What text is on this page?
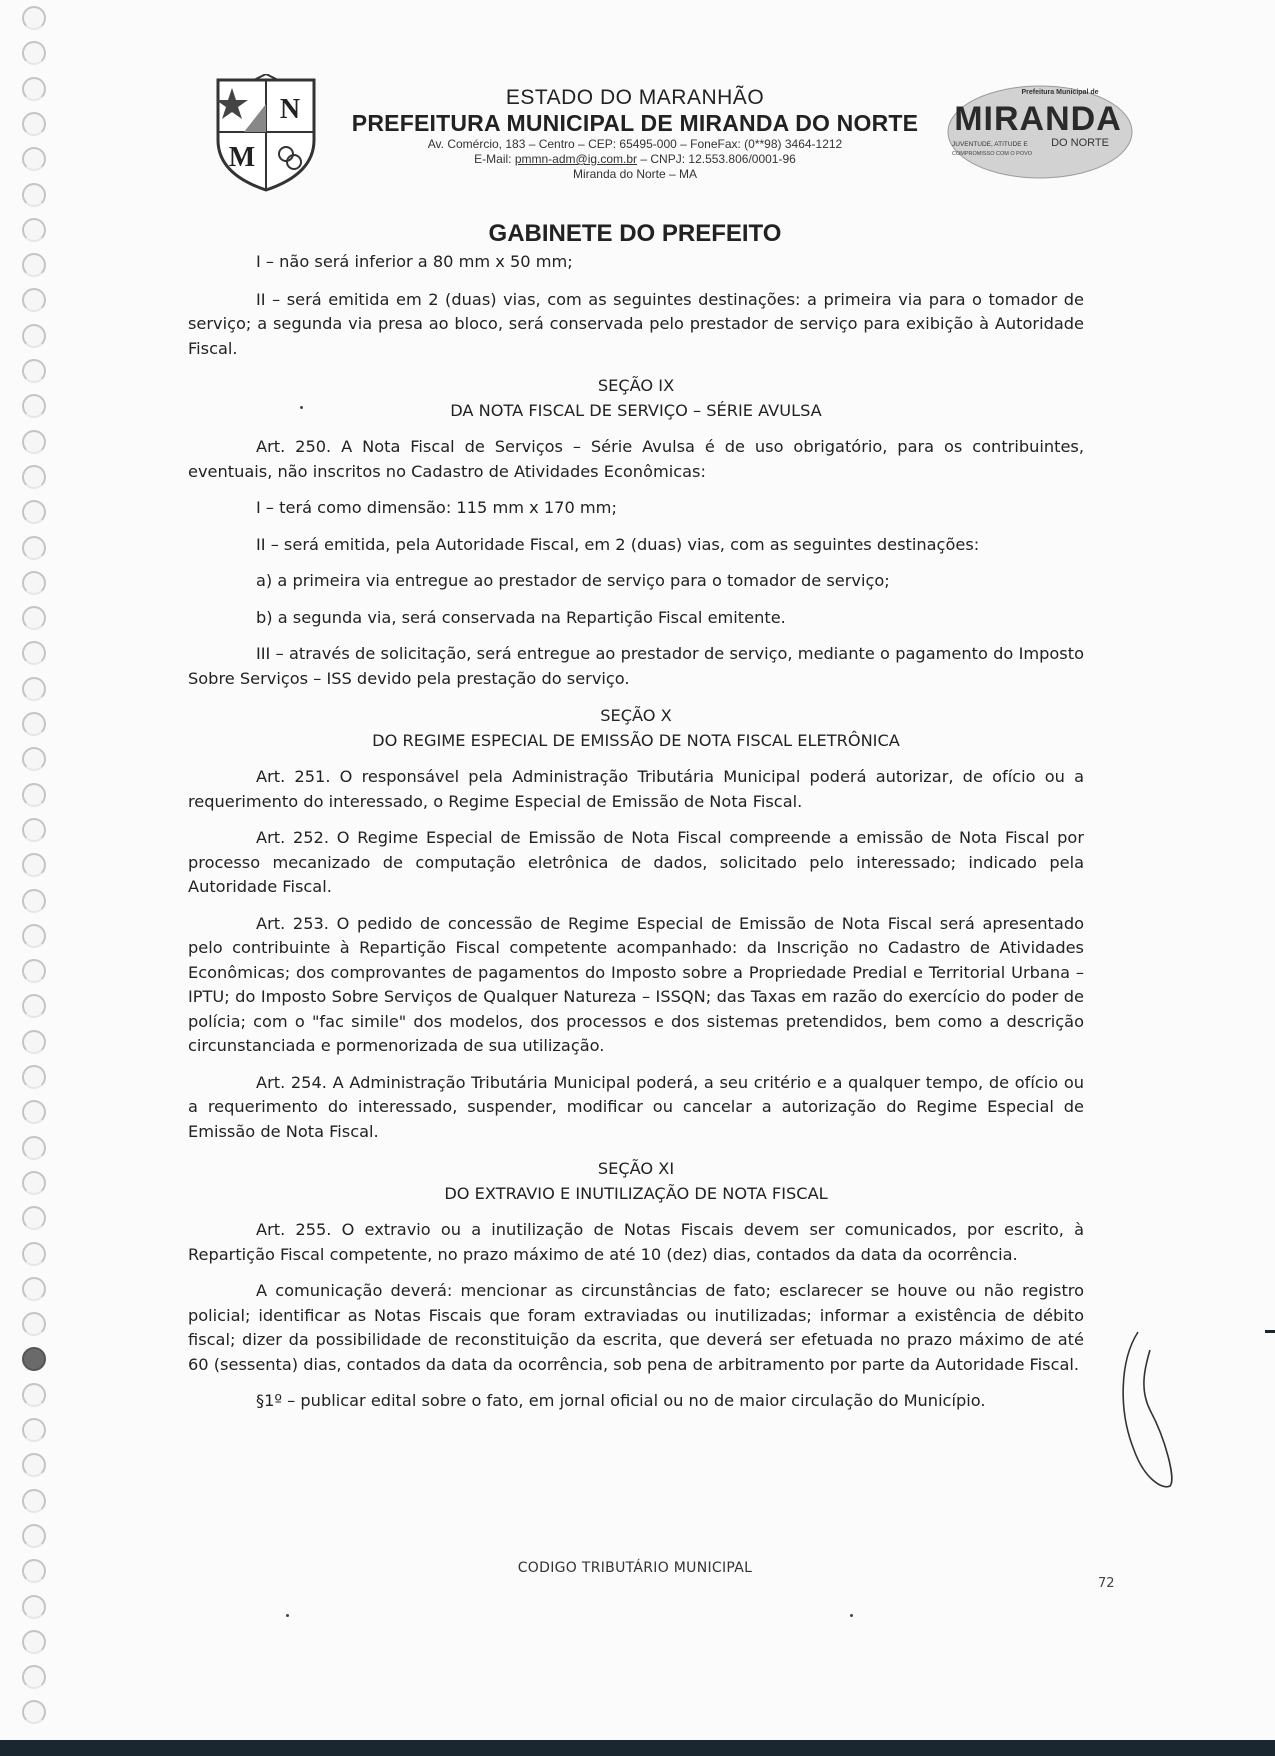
N
M
ESTADO DO MARANHÃO
PREFEITURA MUNICIPAL DE MIRANDA DO NORTE
Av. Comércio, 183 – Centro – CEP: 65495-000 – FoneFax: (0**98) 3464-1212
E-Mail: pmmn-adm@ig.com.br – CNPJ: 12.553.806/0001-96
Miranda do Norte – MA
Prefeitura Municipal de
MIRANDA
JUVENTUDE, ATITUDE E DO NORTE
COMPROMISSO COM O POVO
GABINETE DO PREFEITO

I – não será inferior a 80 mm x 50 mm;

II – será emitida em 2 (duas) vias, com as seguintes destinações: a primeira via para o tomador de serviço; a segunda via presa ao bloco, será conservada pelo prestador de serviço para exibição à Autoridade Fiscal.

SEÇÃO IX
DA NOTA FISCAL DE SERVIÇO – SÉRIE AVULSA

Art. 250. A Nota Fiscal de Serviços – Série Avulsa é de uso obrigatório, para os contribuintes, eventuais, não inscritos no Cadastro de Atividades Econômicas:

I – terá como dimensão: 115 mm x 170 mm;

II – será emitida, pela Autoridade Fiscal, em 2 (duas) vias, com as seguintes destinações:

a) a primeira via entregue ao prestador de serviço para o tomador de serviço;

b) a segunda via, será conservada na Repartição Fiscal emitente.

III – através de solicitação, será entregue ao prestador de serviço, mediante o pagamento do Imposto Sobre Serviços – ISS devido pela prestação do serviço.

SEÇÃO X
DO REGIME ESPECIAL DE EMISSÃO DE NOTA FISCAL ELETRÔNICA

Art. 251. O responsável pela Administração Tributária Municipal poderá autorizar, de ofício ou a requerimento do interessado, o Regime Especial de Emissão de Nota Fiscal.

Art. 252. O Regime Especial de Emissão de Nota Fiscal compreende a emissão de Nota Fiscal por processo mecanizado de computação eletrônica de dados, solicitado pelo interessado; indicado pela Autoridade Fiscal.

Art. 253. O pedido de concessão de Regime Especial de Emissão de Nota Fiscal será apresentado pelo contribuinte à Repartição Fiscal competente acompanhado: da Inscrição no Cadastro de Atividades Econômicas; dos comprovantes de pagamentos do Imposto sobre a Propriedade Predial e Territorial Urbana – IPTU; do Imposto Sobre Serviços de Qualquer Natureza – ISSQN; das Taxas em razão do exercício do poder de polícia; com o "fac simile" dos modelos, dos processos e dos sistemas pretendidos, bem como a descrição circunstanciada e pormenorizada de sua utilização.

Art. 254. A Administração Tributária Municipal poderá, a seu critério e a qualquer tempo, de ofício ou a requerimento do interessado, suspender, modificar ou cancelar a autorização do Regime Especial de Emissão de Nota Fiscal.

SEÇÃO XI
DO EXTRAVIO E INUTILIZAÇÃO DE NOTA FISCAL

Art. 255. O extravio ou a inutilização de Notas Fiscais devem ser comunicados, por escrito, à Repartição Fiscal competente, no prazo máximo de até 10 (dez) dias, contados da data da ocorrência.

A comunicação deverá: mencionar as circunstâncias de fato; esclarecer se houve ou não registro policial; identificar as Notas Fiscais que foram extraviadas ou inutilizadas; informar a existência de débito fiscal; dizer da possibilidade de reconstituição da escrita, que deverá ser efetuada no prazo máximo de até 60 (sessenta) dias, contados da data da ocorrência, sob pena de arbitramento por parte da Autoridade Fiscal.

§1º – publicar edital sobre o fato, em jornal oficial ou no de maior circulação do Município.

CODIGO TRIBUTÁRIO MUNICIPAL
72
